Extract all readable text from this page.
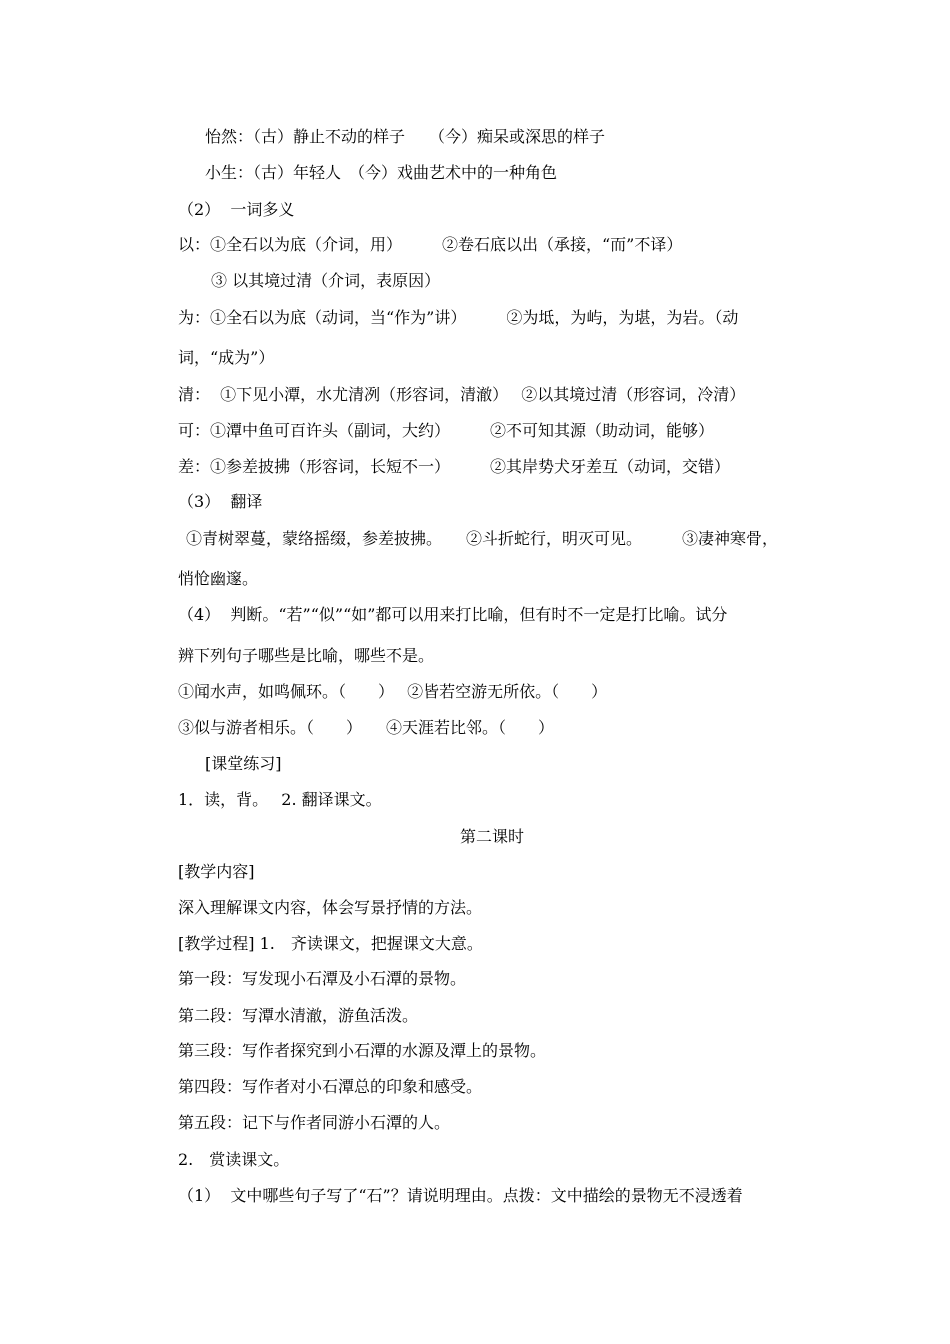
怡然：（古）静止不动的样子　　（今）痴呆或深思的样子
小生：（古）年轻人　（今）戏曲艺术中的一种角色
（2）  一词多义
以：①全石以为底（介词，用）　　　②卷石底以出（承接，“而”不译）
③ 以其境过清（介词，表原因）
为：①全石以为底（动词，当“作为”讲）　　　②为坻，为屿，为堪，为岩。（动
词，“成为”）
清：  ①下见小潭，水尤清冽（形容词，清澈）　 ②以其境过清（形容词，冷清）
可：①潭中鱼可百许头（副词，大约）　　　②不可知其源（助动词，能够）
差：①参差披拂（形容词，长短不一）　　　②其岸势犬牙差互（动词，交错）
（3）  翻译
①青树翠蔓，蒙络摇缀，参差披拂。　　②斗折蛇行，明灭可见。　　　③凄神寒骨，
悄怆幽邃。
（4）  判断。“若”“似”“如”都可以用来打比喻，但有时不一定是打比喻。试分
辨下列句子哪些是比喻，哪些不是。
①闻水声，如鸣佩环。（　　）　 ②皆若空游无所依。（　　）
③似与游者相乐。（　　）　　④天涯若比邻。（　　）
[课堂练习]
1．读，背。　 2. 翻译课文。
第二课时
[教学内容]
深入理解课文内容，体会写景抒情的方法。
[教学过程] 1.　齐读课文，把握课文大意。
第一段：写发现小石潭及小石潭的景物。
第二段：写潭水清澈，游鱼活泼。
第三段：写作者探究到小石潭的水源及潭上的景物。
第四段：写作者对小石潭总的印象和感受。
第五段：记下与作者同游小石潭的人。
2.　赏读课文。
（1）  文中哪些句子写了“石”？请说明理由。点拨：文中描绘的景物无不浸透着
